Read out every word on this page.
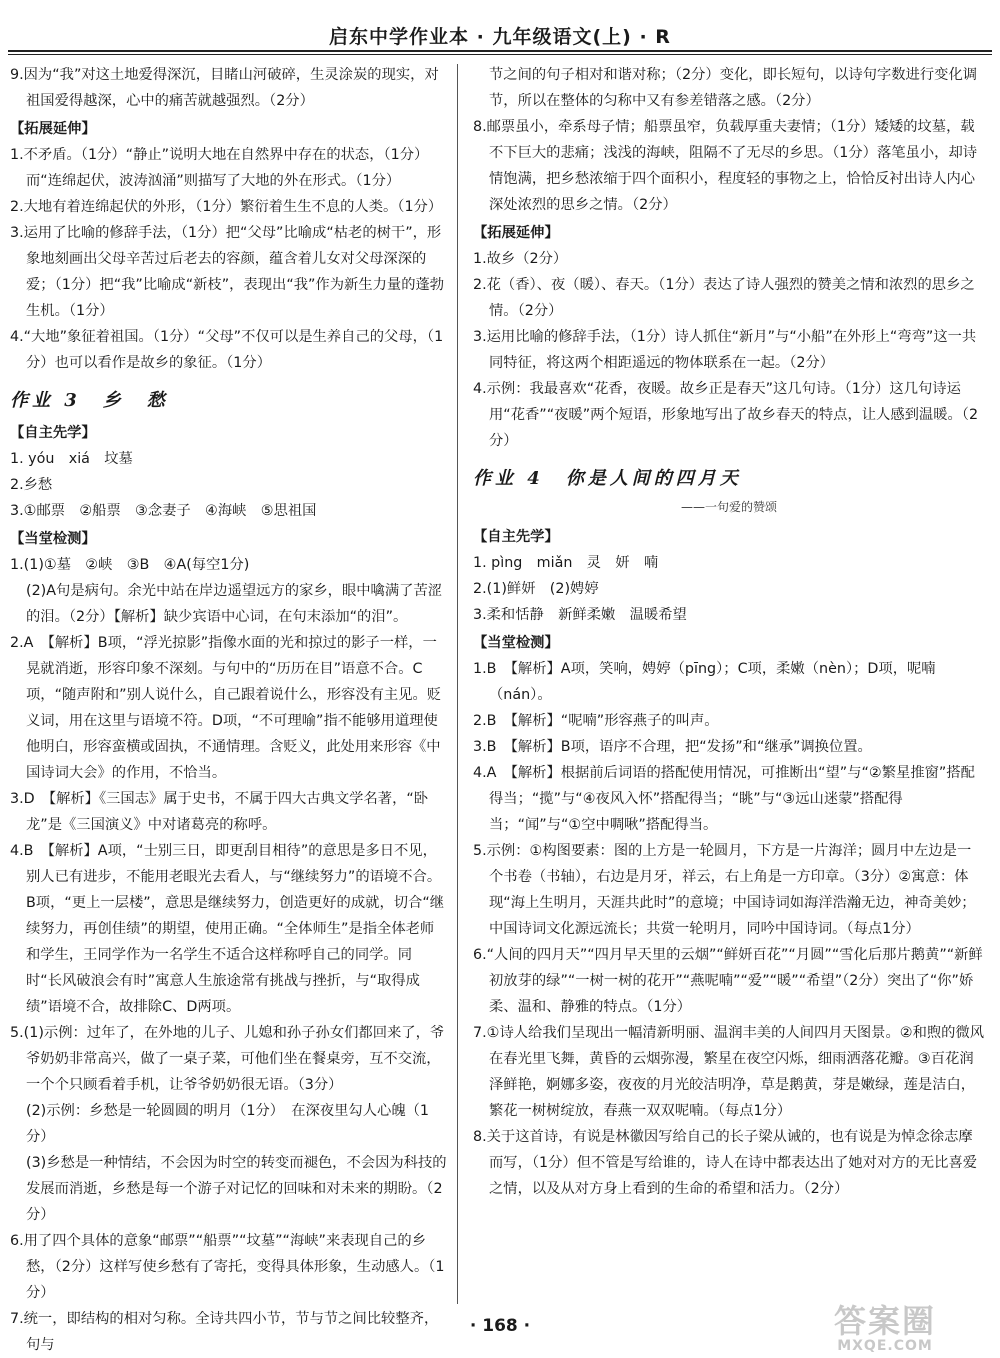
启东中学作业本 · 九年级语文(上) · R

9.因为“我”对这土地爱得深沉，目睹山河破碎，生灵涂炭的现实，对祖国爱得越深，心中的痛苦就越强烈。（2分）

【拓展延伸】

1.不矛盾。（1分）“静止”说明大地在自然界中存在的状态，（1分）而“连绵起伏，波涛汹涌”则描写了大地的外在形式。（1分）

2.大地有着连绵起伏的外形，（1分）繁衍着生生不息的人类。（1分）

3.运用了比喻的修辞手法，（1分）把“父母”比喻成“枯老的树干”，形象地刻画出父母辛苦过后老去的容颜，蕴含着儿女对父母深深的爱；（1分）把“我”比喻成“新枝”，表现出“我”作为新生力量的蓬勃生机。（1分）

4.“大地”象征着祖国。（1分）“父母”不仅可以是生养自己的父母，（1分）也可以看作是故乡的象征。（1分）

作业 3　乡　愁
【自主先学】

1. yóu　xiá　坟墓

2.乡愁

3.①邮票　②船票　③念妻子　④海峡　⑤思祖国

【当堂检测】

1.(1)①墓　②峡　③B　④A(每空1分)

(2)A句是病句。余光中站在岸边遥望远方的家乡，眼中噙满了苦涩的泪。（2分）【解析】缺少宾语中心词，在句末添加“的泪”。

2.A　【解析】B项，“浮光掠影”指像水面的光和掠过的影子一样，一晃就消逝，形容印象不深刻。与句中的“历历在目”语意不合。C项，“随声附和”别人说什么，自己跟着说什么，形容没有主见。贬义词，用在这里与语境不符。D项，“不可理喻”指不能够用道理使他明白，形容蛮横或固执，不通情理。含贬义，此处用来形容《中国诗词大会》的作用，不恰当。

3.D　【解析】《三国志》属于史书，不属于四大古典文学名著，“卧龙”是《三国演义》中对诸葛亮的称呼。

4.B　【解析】A项，“士别三日，即更刮目相待”的意思是多日不见，别人已有进步，不能用老眼光去看人，与“继续努力”的语境不合。B项，“更上一层楼”，意思是继续努力，创造更好的成就，切合“继续努力，再创佳绩”的期望，使用正确。“全体师生”是指全体老师和学生，王同学作为一名学生不适合这样称呼自己的同学。同时“长风破浪会有时”寓意人生旅途常有挑战与挫折，与“取得成绩”语境不合，故排除C、D两项。

5.(1)示例：过年了，在外地的儿子、儿媳和孙子孙女们都回来了，爷爷奶奶非常高兴，做了一桌子菜，可他们坐在餐桌旁，互不交流，一个个只顾看着手机，让爷爷奶奶很无语。（3分）

(2)示例：乡愁是一轮圆圆的明月（1分）　在深夜里勾人心魄（1分）

(3)乡愁是一种情结，不会因为时空的转变而褪色，不会因为科技的发展而消逝，乡愁是每一个游子对记忆的回味和对未来的期盼。（2分）

6.用了四个具体的意象“邮票”“船票”“坟墓”“海峡”来表现自己的乡愁，（2分）这样写使乡愁有了寄托，变得具体形象，生动感人。（1分）

7.统一，即结构的相对匀称。全诗共四小节，节与节之间比较整齐，句与

节之间的句子相对和谐对称；（2分）变化，即长短句，以诗句字数进行变化调节，所以在整体的匀称中又有参差错落之感。（2分）

8.邮票虽小，牵系母子情；船票虽窄，负载厚重夫妻情；（1分）矮矮的坟墓，载不下巨大的悲痛；浅浅的海峡，阻隔不了无尽的乡思。（1分）落笔虽小，却诗情饱满，把乡愁浓缩于四个面积小，程度轻的事物之上，恰恰反衬出诗人内心深处浓烈的思乡之情。（2分）

【拓展延伸】

1.故乡（2分）

2.花（香）、夜（暖）、春天。（1分）表达了诗人强烈的赞美之情和浓烈的思乡之情。（2分）

3.运用比喻的修辞手法，（1分）诗人抓住“新月”与“小船”在外形上“弯弯”这一共同特征，将这两个相距遥远的物体联系在一起。（2分）

4.示例：我最喜欢“花香，夜暖。故乡正是春天”这几句诗。（1分）这几句诗运用“花香”“夜暖”两个短语，形象地写出了故乡春天的特点，让人感到温暖。（2分）

作业 4　你是人间的四月天
——一句爱的赞颂
【自主先学】

1. pìng　miǎn　灵　妍　喃

2.(1)鲜妍　(2)娉婷

3.柔和恬静　新鲜柔嫩　温暖希望

【当堂检测】

1.B　【解析】A项，笑响，娉婷（pīng）；C项，柔嫩（nèn）；D项，呢喃（nán）。

2.B　【解析】“呢喃”形容燕子的叫声。

3.B　【解析】B项，语序不合理，把“发扬”和“继承”调换位置。

4.A　【解析】根据前后词语的搭配使用情况，可推断出“望”与“②繁星推窗”搭配得当；“揽”与“④夜风入怀”搭配得当；“眺”与“③远山迷蒙”搭配得当；“闻”与“①空中啁啾”搭配得当。

5.示例：①构图要素：图的上方是一轮圆月，下方是一片海洋；圆月中左边是一个书卷（书轴），右边是月牙，祥云，右上角是一方印章。（3分）②寓意：体现“海上生明月，天涯共此时”的意境；中国诗词如海洋浩瀚无边，神奇美妙；中国诗词文化源远流长；共赏一轮明月，同吟中国诗词。（每点1分）

6.“人间的四月天”“四月早天里的云烟”“鲜妍百花”“月圆”“雪化后那片鹅黄”“新鲜初放芽的绿”“一树一树的花开”“燕呢喃”“爱”“暖”“希望”（2分）突出了“你”娇柔、温和、静雅的特点。（1分）

7.①诗人给我们呈现出一幅清新明丽、温润丰美的人间四月天图景。②和煦的微风在春光里飞舞，黄昏的云烟弥漫，繁星在夜空闪烁，细雨洒落花瓣。③百花润泽鲜艳，婀娜多姿，夜夜的月光皎洁明净，草是鹅黄，芽是嫩绿，莲是洁白，繁花一树树绽放，春燕一双双呢喃。（每点1分）

8.关于这首诗，有说是林徽因写给自己的长子梁从诫的，也有说是为悼念徐志摩而写，（1分）但不管是写给谁的，诗人在诗中都表达出了她对对方的无比喜爱之情，以及从对方身上看到的生命的希望和活力。（2分）

· 168 ·	答案圈
MXQE.COM
